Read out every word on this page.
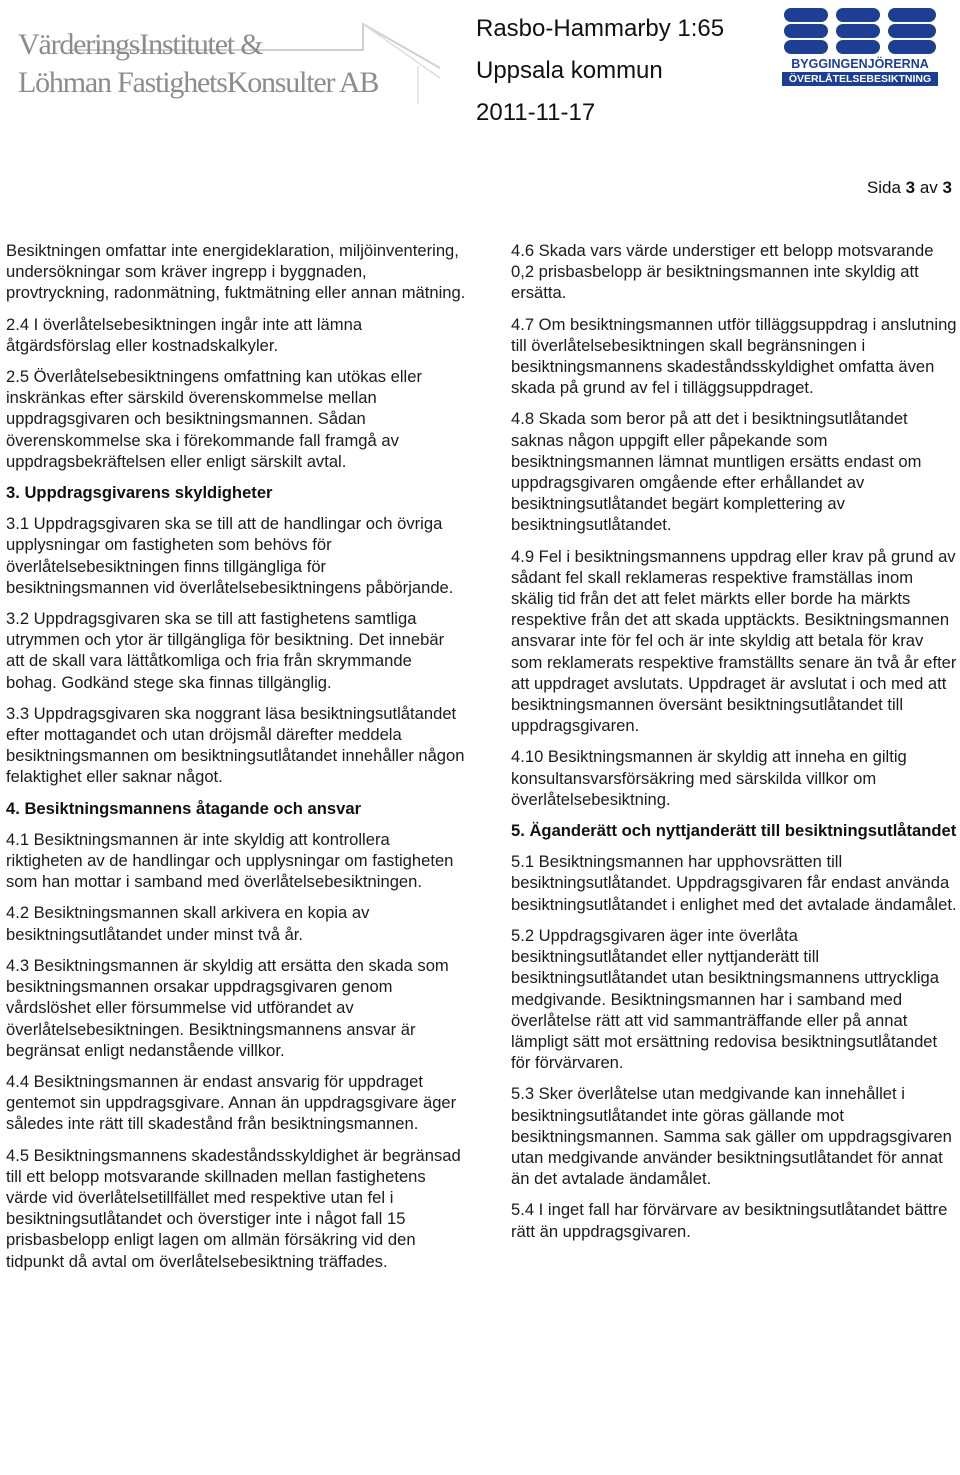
VärderingsInstitutet &
Löhman FastighetsKonsulter AB
Rasbo-Hammarby 1:65
Uppsala kommun
2011-11-17
BYGGINGENJÖRERNA
ÖVERLÅTELSEBESIKTNING
Sida 3 av 3

Besiktningen omfattar inte energideklaration, miljöinventering, undersökningar som kräver ingrepp i byggnaden, provtryckning, radonmätning, fuktmätning eller annan mätning.

2.4 I överlåtelsebesiktningen ingår inte att lämna åtgärdsförslag eller kostnadskalkyler.

2.5 Överlåtelsebesiktningens omfattning kan utökas eller inskränkas efter särskild överenskommelse mellan uppdragsgivaren och besiktningsmannen. Sådan överenskommelse ska i förekommande fall framgå av uppdragsbekräftelsen eller enligt särskilt avtal.

3. Uppdragsgivarens skyldigheter

3.1 Uppdragsgivaren ska se till att de handlingar och övriga upplysningar om fastigheten som behövs för överlåtelsebesiktningen finns tillgängliga för besiktningsmannen vid överlåtelsebesiktningens påbörjande.

3.2 Uppdragsgivaren ska se till att fastighetens samtliga utrymmen och ytor är tillgängliga för besiktning. Det innebär att de skall vara lättåtkomliga och fria från skrymmande bohag. Godkänd stege ska finnas tillgänglig.

3.3 Uppdragsgivaren ska noggrant läsa besiktningsutlåtandet efter mottagandet och utan dröjsmål därefter meddela besiktningsmannen om besiktningsutlåtandet innehåller någon felaktighet eller saknar något.

4. Besiktningsmannens åtagande och ansvar

4.1 Besiktningsmannen är inte skyldig att kontrollera riktigheten av de handlingar och upplysningar om fastigheten som han mottar i samband med överlåtelsebesiktningen.

4.2 Besiktningsmannen skall arkivera en kopia av besiktningsutlåtandet under minst två år.

4.3 Besiktningsmannen är skyldig att ersätta den skada som besiktningsmannen orsakar uppdragsgivaren genom vårdslöshet eller försummelse vid utförandet av överlåtelsebesiktningen. Besiktningsmannens ansvar är begränsat enligt nedanstående villkor.

4.4 Besiktningsmannen är endast ansvarig för uppdraget gentemot sin uppdragsgivare. Annan än uppdragsgivare äger således inte rätt till skadestånd från besiktningsmannen.

4.5 Besiktningsmannens skadeståndsskyldighet är begränsad till ett belopp motsvarande skillnaden mellan fastighetens värde vid överlåtelsetillfället med respektive utan fel i besiktningsutlåtandet och överstiger inte i något fall 15 prisbasbelopp enligt lagen om allmän försäkring vid den tidpunkt då avtal om överlåtelsebesiktning träffades.

4.6 Skada vars värde understiger ett belopp motsvarande 0,2 prisbasbelopp är besiktningsmannen inte skyldig att ersätta.

4.7 Om besiktningsmannen utför tilläggsuppdrag i anslutning till överlåtelsebesiktningen skall begränsningen i besiktningsmannens skadeståndsskyldighet omfatta även skada på grund av fel i tilläggsuppdraget.

4.8 Skada som beror på att det i besiktningsutlåtandet saknas någon uppgift eller påpekande som besiktningsmannen lämnat muntligen ersätts endast om uppdragsgivaren omgående efter erhållandet av besiktningsutlåtandet begärt komplettering av besiktningsutlåtandet.

4.9 Fel i besiktningsmannens uppdrag eller krav på grund av sådant fel skall reklameras respektive framställas inom skälig tid från det att felet märkts eller borde ha märkts respektive från det att skada upptäckts. Besiktningsmannen ansvarar inte för fel och är inte skyldig att betala för krav som reklamerats respektive framställts senare än två år efter att uppdraget avslutats. Uppdraget är avslutat i och med att besiktningsmannen översänt besiktningsutlåtandet till uppdragsgivaren.

4.10 Besiktningsmannen är skyldig att inneha en giltig konsultansvarsförsäkring med särskilda villkor om överlåtelsebesiktning.

5. Äganderätt och nyttjanderätt till besiktningsutlåtandet

5.1 Besiktningsmannen har upphovsrätten till besiktningsutlåtandet. Uppdragsgivaren får endast använda besiktningsutlåtandet i enlighet med det avtalade ändamålet.

5.2 Uppdragsgivaren äger inte överlåta besiktningsutlåtandet eller nyttjanderätt till besiktningsutlåtandet utan besiktningsmannens uttryckliga medgivande. Besiktningsmannen har i samband med överlåtelse rätt att vid sammanträffande eller på annat lämpligt sätt mot ersättning redovisa besiktningsutlåtandet för förvärvaren.

5.3 Sker överlåtelse utan medgivande kan innehållet i besiktningsutlåtandet inte göras gällande mot besiktningsmannen. Samma sak gäller om uppdragsgivaren utan medgivande använder besiktningsutlåtandet för annat än det avtalade ändamålet.

5.4 I inget fall har förvärvare av besiktningsutlåtandet bättre rätt än uppdragsgivaren.
